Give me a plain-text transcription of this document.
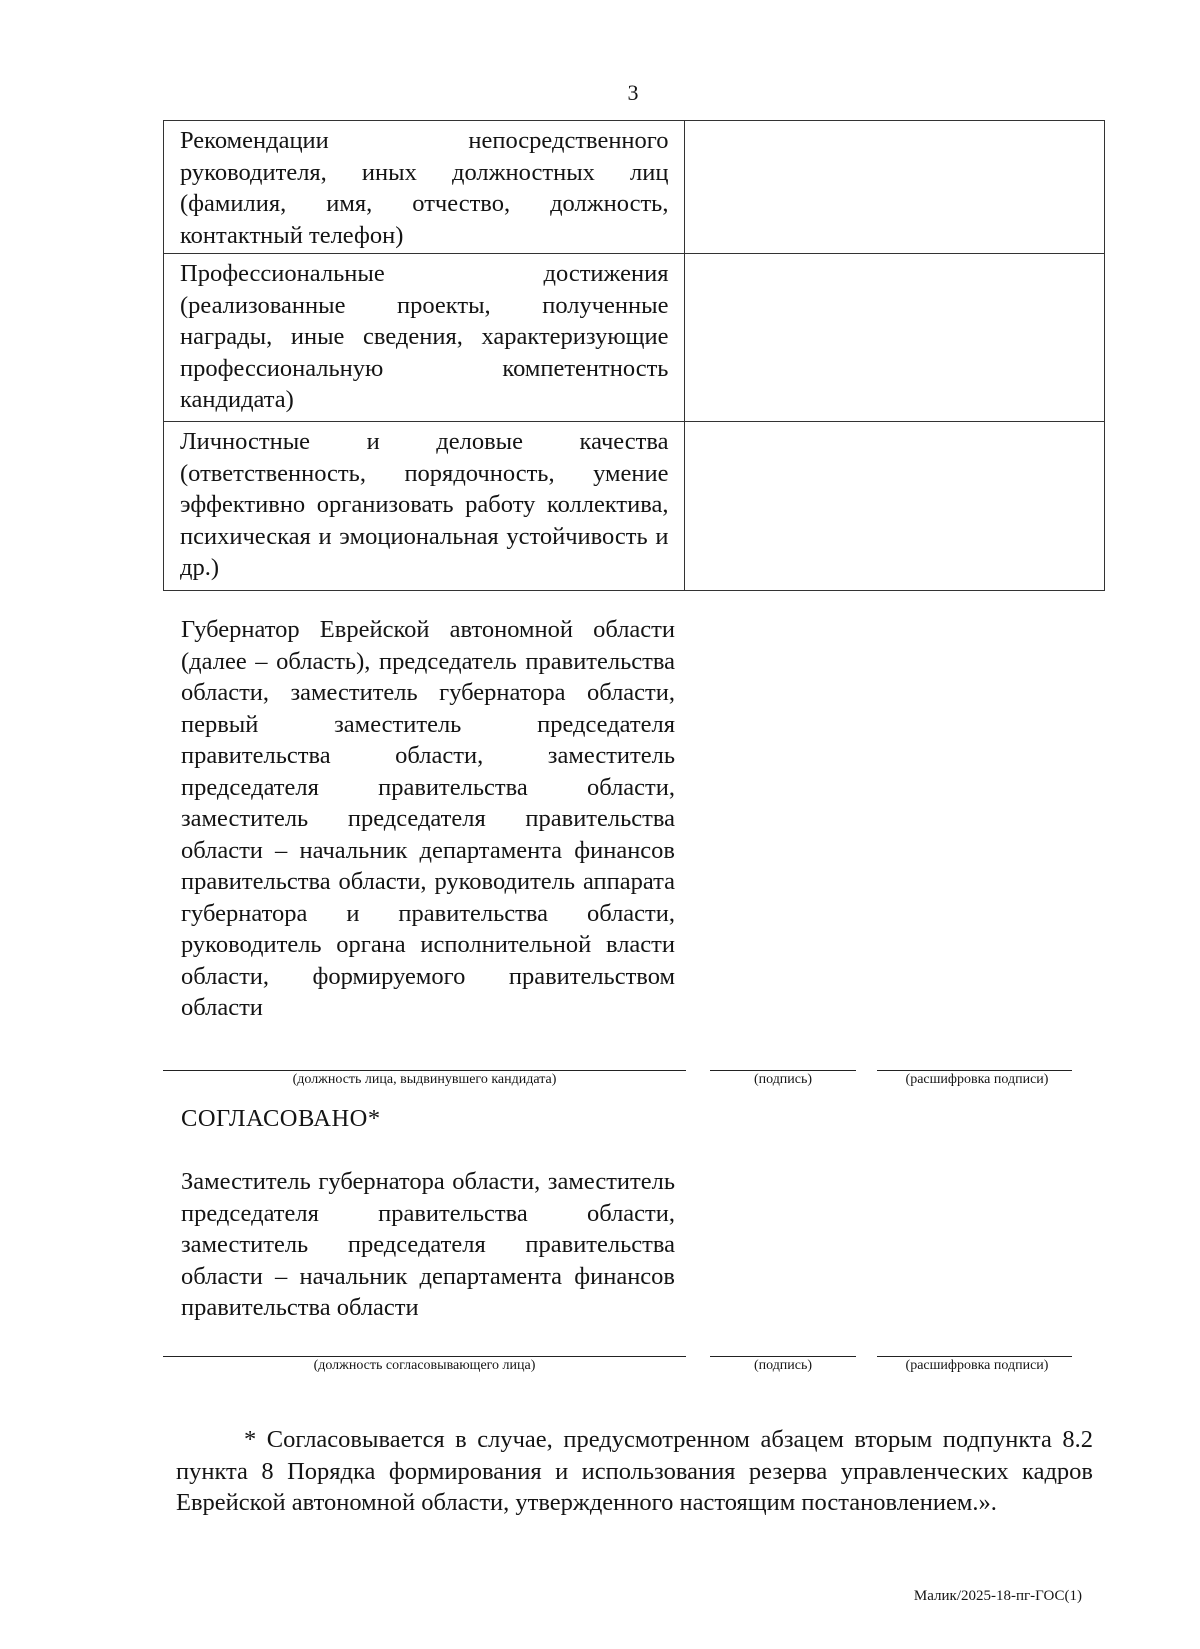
3
Рекомендации непосредственного руководителя, иных должностных лиц (фамилия, имя, отчество, должность, контактный телефон)	
Профессиональные достижения (реализованные проекты, полученные награды, иные сведения, характеризующие профессиональную компетентность кандидата)	
Личностные и деловые качества (ответственность, порядочность, умение эффективно организовать работу коллектива, психическая и эмоциональная устойчивость и др.)	
Губернатор Еврейской автономной области (далее – область), председатель правительства области, заместитель губернатора области, первый заместитель председателя правительства области, заместитель председателя правительства области, заместитель председателя правительства области – начальник департамента финансов правительства области, руководитель аппарата губернатора и правительства области, руководитель органа исполнительной власти области, формируемого правительством области
(должность лица, выдвинувшего кандидата)	(подпись)	(расшифровка подписи)
СОГЛАСОВАНО*
Заместитель губернатора области, заместитель председателя правительства области, заместитель председателя правительства области – начальник департамента финансов правительства области
(должность согласовывающего лица)	(подпись)	(расшифровка подписи)
* Согласовывается в случае, предусмотренном абзацем вторым подпункта 8.2 пункта 8 Порядка формирования и использования резерва управленческих кадров Еврейской автономной области, утвержденного настоящим постановлением.».
Малик/2025-18-пг-ГОС(1)
